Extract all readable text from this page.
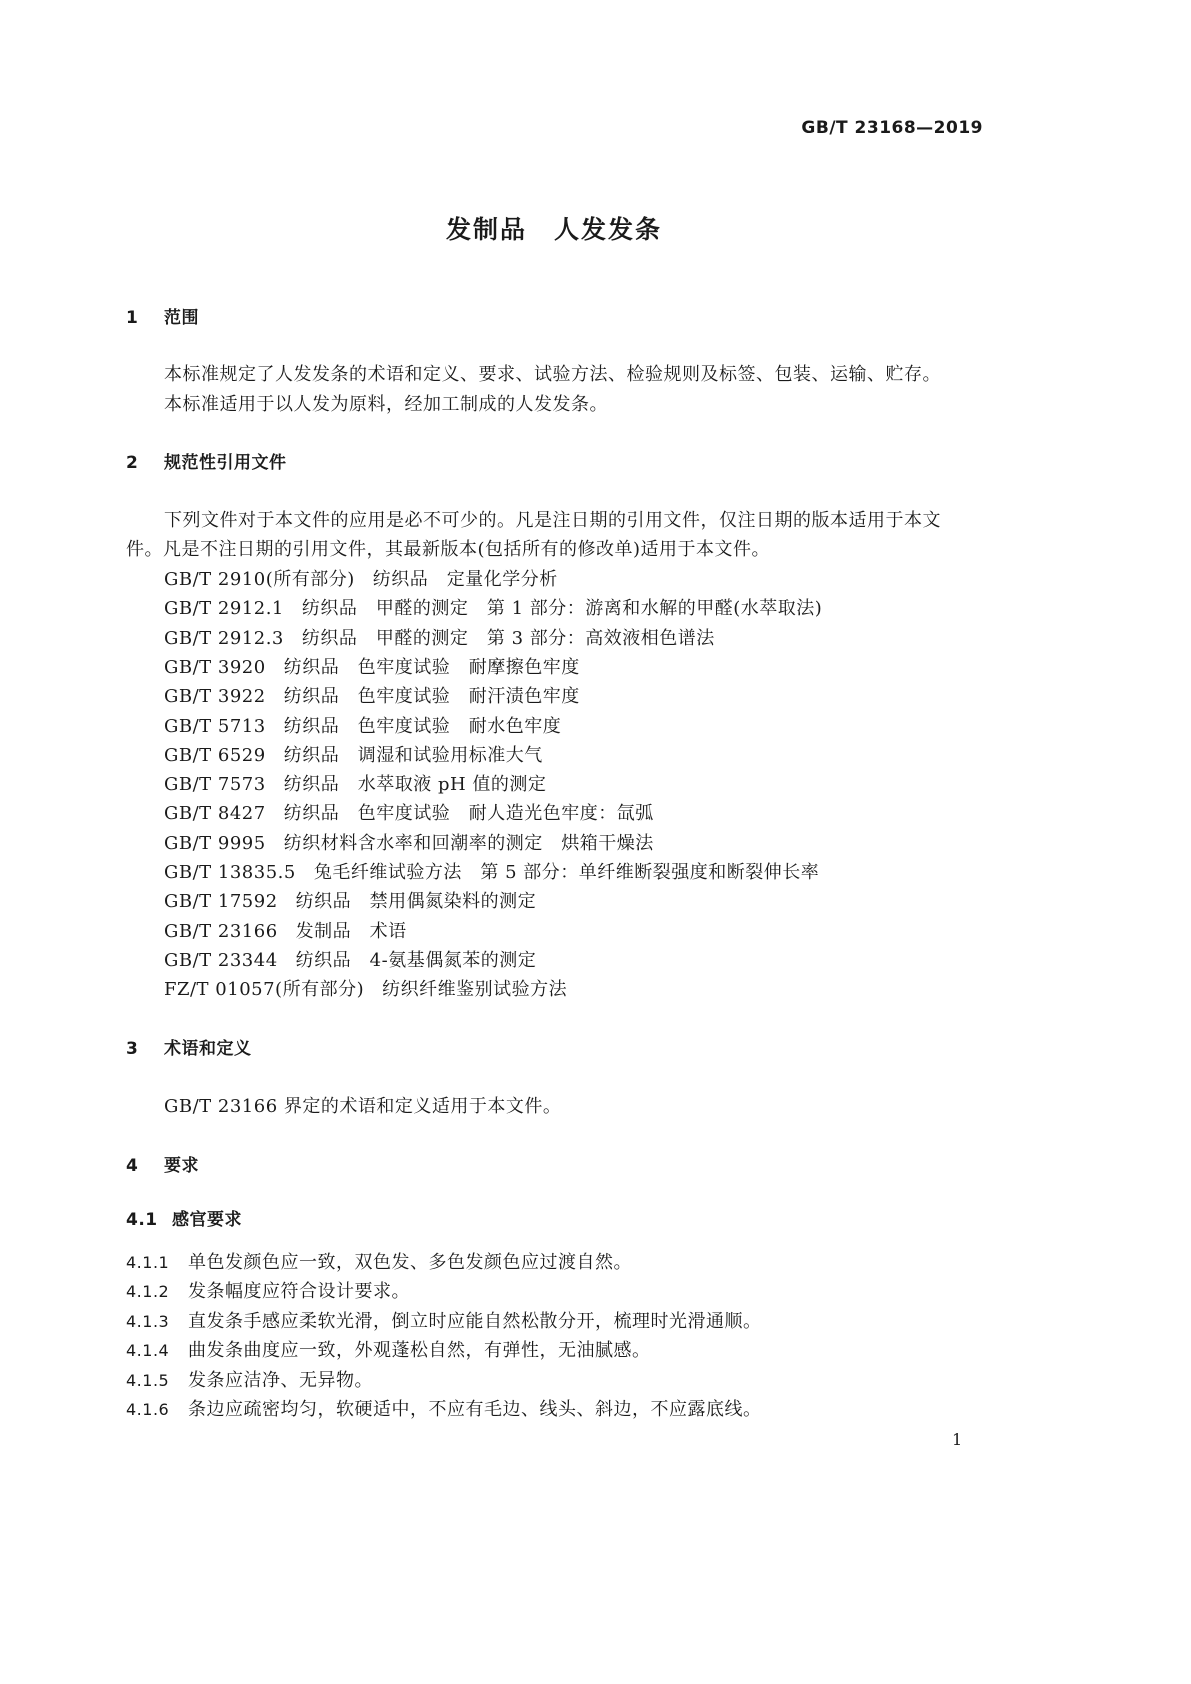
GB/T 23168—2019
发制品　人发发条
1 范围
本标准规定了人发发条的术语和定义、要求、试验方法、检验规则及标签、包装、运输、贮存。
本标准适用于以人发为原料，经加工制成的人发发条。
2 规范性引用文件
下列文件对于本文件的应用是必不可少的。凡是注日期的引用文件，仅注日期的版本适用于本文
件。凡是不注日期的引用文件，其最新版本(包括所有的修改单)适用于本文件。
GB/T 2910(所有部分) 纺织品　定量化学分析
GB/T 2912.1 纺织品　甲醛的测定　第 1 部分：游离和水解的甲醛(水萃取法)
GB/T 2912.3 纺织品　甲醛的测定　第 3 部分：高效液相色谱法
GB/T 3920 纺织品　色牢度试验　耐摩擦色牢度
GB/T 3922 纺织品　色牢度试验　耐汗渍色牢度
GB/T 5713 纺织品　色牢度试验　耐水色牢度
GB/T 6529 纺织品　调湿和试验用标准大气
GB/T 7573 纺织品　水萃取液 pH 值的测定
GB/T 8427 纺织品　色牢度试验　耐人造光色牢度：氙弧
GB/T 9995 纺织材料含水率和回潮率的测定　烘箱干燥法
GB/T 13835.5 兔毛纤维试验方法　第 5 部分：单纤维断裂强度和断裂伸长率
GB/T 17592 纺织品　禁用偶氮染料的测定
GB/T 23166 发制品　术语
GB/T 23344 纺织品　4-氨基偶氮苯的测定
FZ/T 01057(所有部分) 纺织纤维鉴别试验方法
3 术语和定义
GB/T 23166 界定的术语和定义适用于本文件。
4 要求
4.1 感官要求
4.1.1 单色发颜色应一致，双色发、多色发颜色应过渡自然。
4.1.2 发条幅度应符合设计要求。
4.1.3 直发条手感应柔软光滑，倒立时应能自然松散分开，梳理时光滑通顺。
4.1.4 曲发条曲度应一致，外观蓬松自然，有弹性，无油腻感。
4.1.5 发条应洁净、无异物。
4.1.6 条边应疏密均匀，软硬适中，不应有毛边、线头、斜边，不应露底线。
1
